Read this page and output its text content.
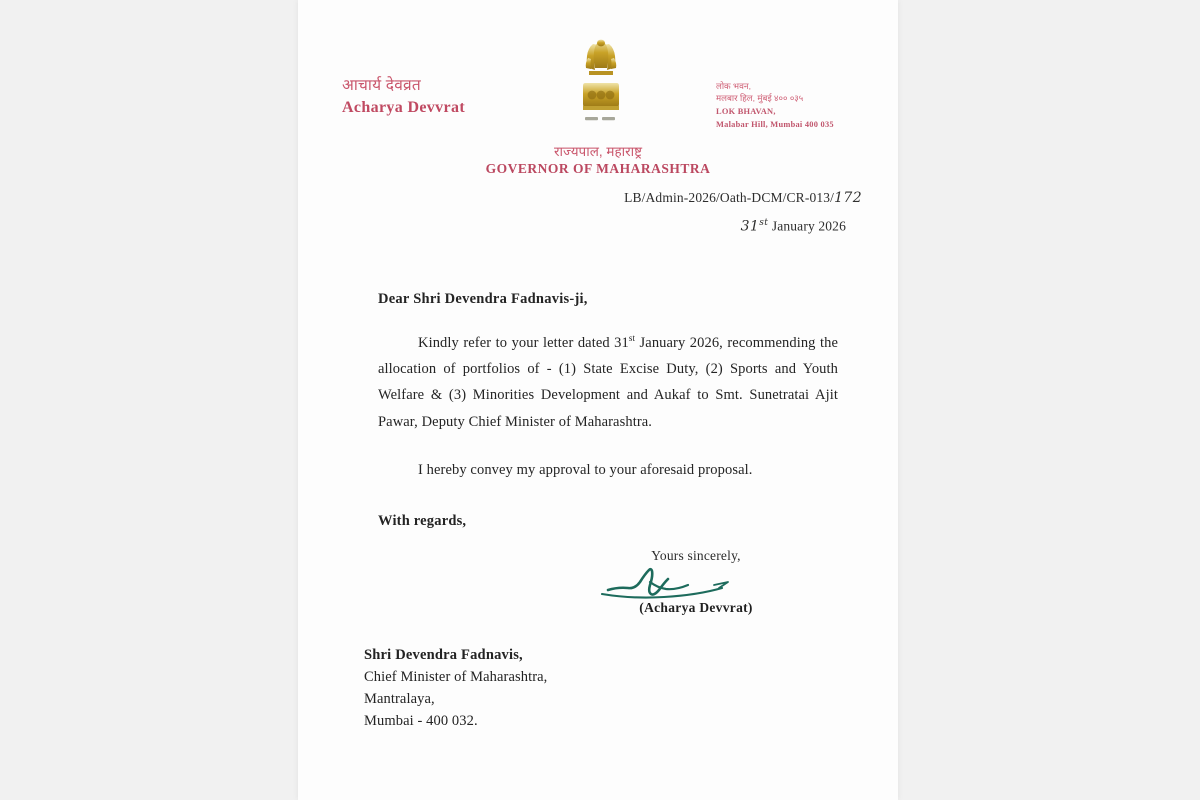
आचार्य देवव्रत
Acharya Devvrat
लोक भवन,
मलबार हिल, मुंबई ४०० ०३५
LOK BHAVAN,
Malabar Hill, Mumbai 400 035
राज्यपाल, महाराष्ट्र
GOVERNOR OF MAHARASHTRA
LB/Admin-2026/Oath-DCM/CR-013/172
31st January 2026
Dear Shri Devendra Fadnavis-ji,
Kindly refer to your letter dated 31st January 2026, recommending the allocation of portfolios of - (1) State Excise Duty, (2) Sports and Youth Welfare & (3) Minorities Development and Aukaf to Smt. Sunetratai Ajit Pawar, Deputy Chief Minister of Maharashtra.
I hereby convey my approval to your aforesaid proposal.
With regards,
Yours sincerely,
(Acharya Devvrat)
Shri Devendra Fadnavis,
Chief Minister of Maharashtra,
Mantralaya,
Mumbai - 400 032.
